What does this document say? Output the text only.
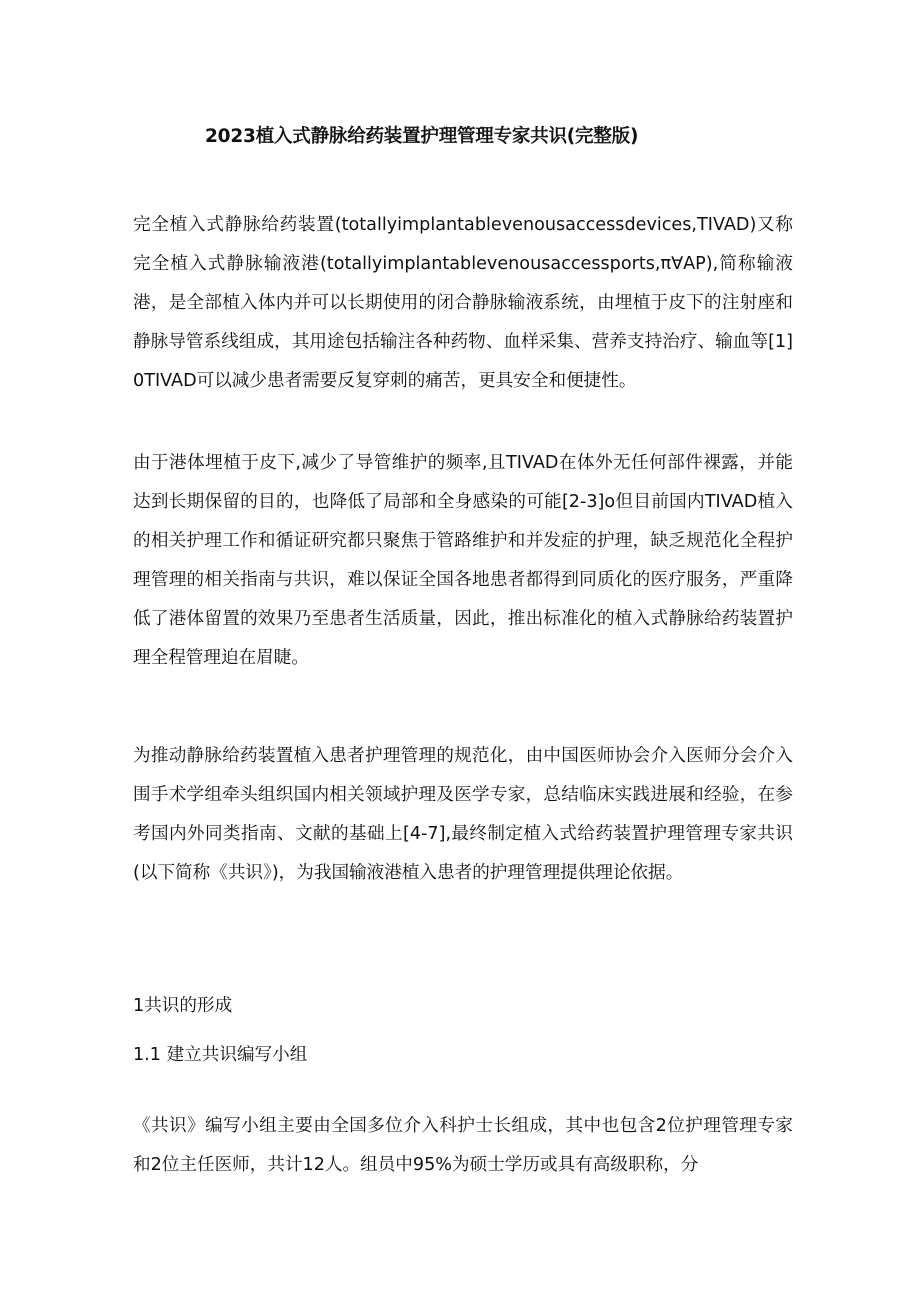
2023植入式静脉给药装置护理管理专家共识(完整版)

完全植入式静脉给药装置(totallyimplantablevenousaccessdevices,TIVAD)又称完全植入式静脉输液港(totallyimplantablevenousaccessports,π∀AP),简称输液港，是全部植入体内并可以长期使用的闭合静脉输液系统，由埋植于皮下的注射座和静脉导管系线组成，其用途包括输注各种药物、血样采集、营养支持治疗、输血等[1]0TIVAD可以减少患者需要反复穿刺的痛苦，更具安全和便捷性。

由于港体埋植于皮下,减少了导管维护的频率,且TIVAD在体外无任何部件裸露，并能达到长期保留的目的，也降低了局部和全身感染的可能[2-3]o但目前国内TIVAD植入的相关护理工作和循证研究都只聚焦于管路维护和并发症的护理，缺乏规范化全程护理管理的相关指南与共识，难以保证全国各地患者都得到同质化的医疗服务，严重降低了港体留置的效果乃至患者生活质量，因此，推出标准化的植入式静脉给药装置护理全程管理迫在眉睫。

为推动静脉给药装置植入患者护理管理的规范化，由中国医师协会介入医师分会介入围手术学组牵头组织国内相关领域护理及医学专家，总结临床实践进展和经验，在参考国内外同类指南、文献的基础上[4-7],最终制定植入式给药装置护理管理专家共识(以下简称《共识》)，为我国输液港植入患者的护理管理提供理论依据。

1共识的形成
1.1 建立共识编写小组

《共识》编写小组主要由全国多位介入科护士长组成，其中也包含2位护理管理专家和2位主任医师，共计12人。组员中95%为硕士学历或具有高级职称，分
